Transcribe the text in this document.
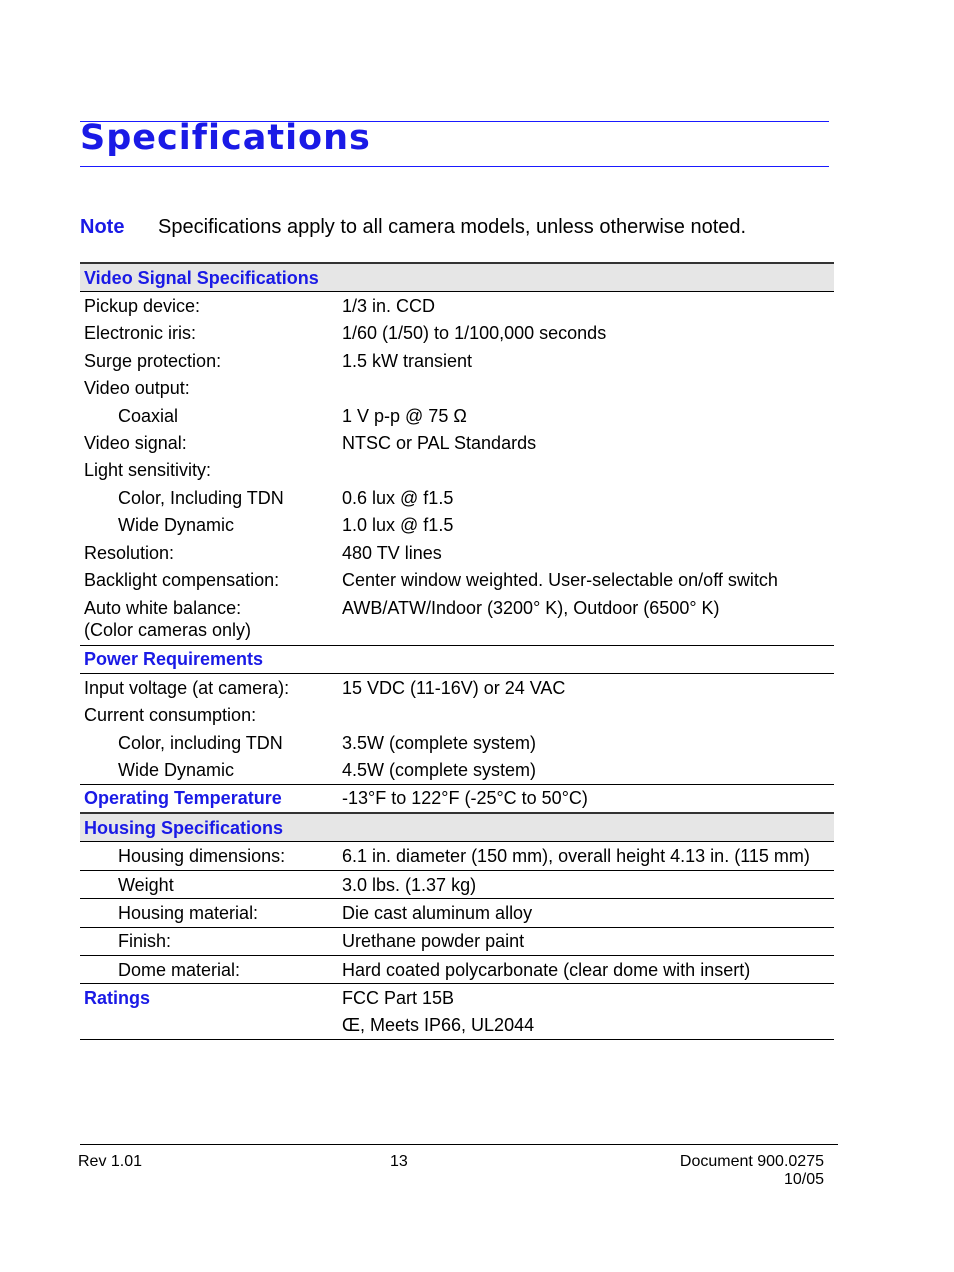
Specifications
Note Specifications apply to all camera models, unless otherwise noted.
Video Signal Specifications	
Pickup device:	1/3 in. CCD
Electronic iris:	1/60 (1/50) to 1/100,000 seconds
Surge protection:	1.5 kW transient
Video output:	
Coaxial	1 V p-p @ 75 Ω
Video signal:	NTSC or PAL Standards
Light sensitivity:	
Color, Including TDN	0.6 lux @ f1.5
Wide Dynamic	1.0 lux @ f1.5
Resolution:	480 TV lines
Backlight compensation:	Center window weighted. User-selectable on/off switch

Auto white balance:
(Color cameras only)	AWB/ATW/Indoor (3200° K), Outdoor (6500° K)
Power Requirements	
Input voltage (at camera):	15 VDC (11-16V) or 24 VAC
Current consumption:	
Color, including TDN	3.5W (complete system)
Wide Dynamic	4.5W (complete system)
Operating Temperature	-13°F to 122°F (-25°C to 50°C)
Housing Specifications	
Housing dimensions:	6.1 in. diameter (150 mm), overall height 4.13 in. (115 mm)
Weight	3.0 lbs. (1.37 kg)
Housing material:	Die cast aluminum alloy
Finish:	Urethane powder paint
Dome material:	Hard coated polycarbonate (clear dome with insert)
Ratings	FCC Part 15B
	Œ, Meets IP66, UL2044
Rev 1.01	13	Document 900.0275
10/05
